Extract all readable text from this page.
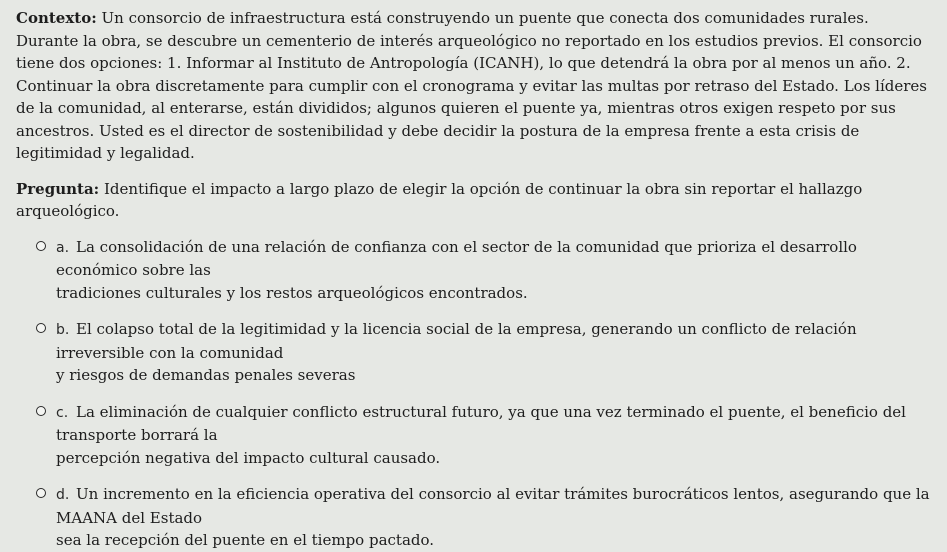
Contexto: Un consorcio de infraestructura está construyendo un puente que conecta dos comunidades rurales. Durante la obra, se descubre un cementerio de interés arqueológico no reportado en los estudios previos. El consorcio tiene dos opciones: 1. Informar al Instituto de Antropología (ICANH), lo que detendrá la obra por al menos un año. 2. Continuar la obra discretamente para cumplir con el cronograma y evitar las multas por retraso del Estado. Los líderes de la comunidad, al enterarse, están divididos; algunos quieren el puente ya, mientras otros exigen respeto por sus ancestros. Usted es el director de sostenibilidad y debe decidir la postura de la empresa frente a esta crisis de legitimidad y legalidad.

Pregunta: Identifique el impacto a largo plazo de elegir la opción de continuar la obra sin reportar el hallazgo arqueológico.

a. La consolidación de una relación de confianza con el sector de la comunidad que prioriza el desarrollo económico sobre las
tradiciones culturales y los restos arqueológicos encontrados.
b. El colapso total de la legitimidad y la licencia social de la empresa, generando un conflicto de relación irreversible con la comunidad
y riesgos de demandas penales severas
c. La eliminación de cualquier conflicto estructural futuro, ya que una vez terminado el puente, el beneficio del transporte borrará la
percepción negativa del impacto cultural causado.
d. Un incremento en la eficiencia operativa del consorcio al evitar trámites burocráticos lentos, asegurando que la MAANA del Estado
sea la recepción del puente en el tiempo pactado.
